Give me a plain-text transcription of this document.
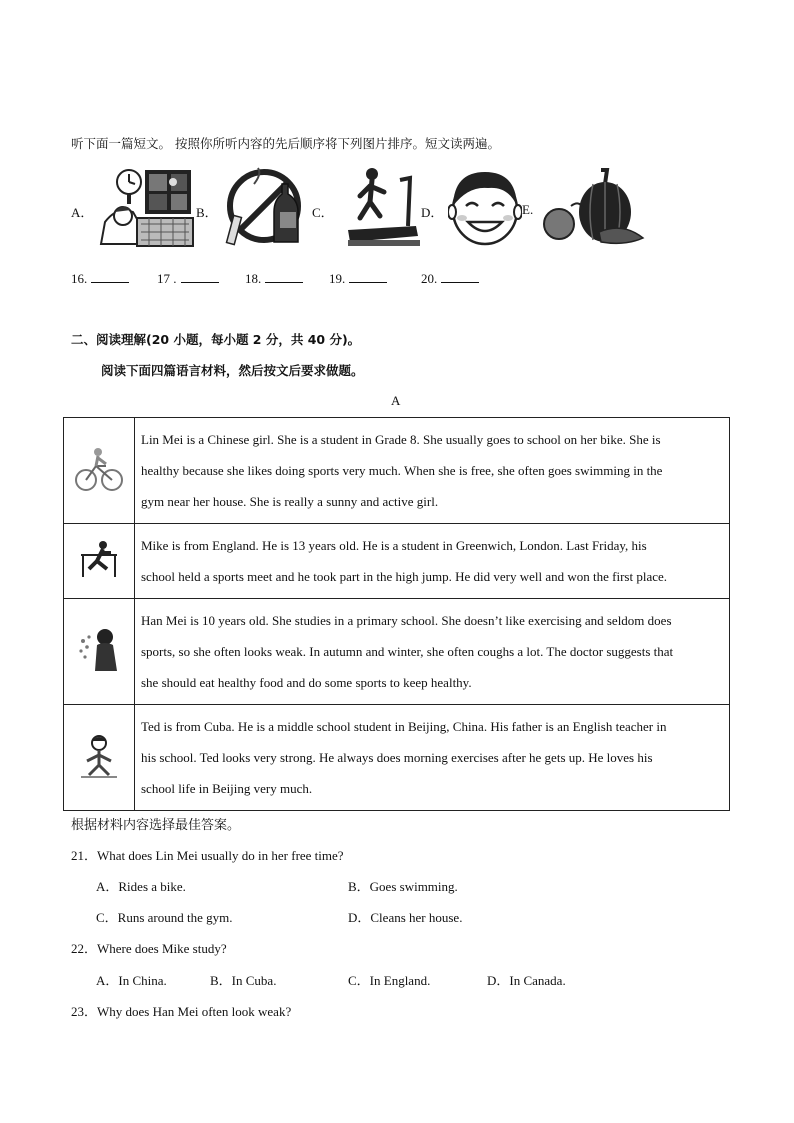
听下面一篇短文。 按照你所听内容的先后顺序将下列图片排序。短文读两遍。
A．	B．	C．	D．	E.
16.	17 .	18.	19.	20.
二、阅读理解(20 小题，每小题 2 分，共 40 分)。
阅读下面四篇语言材料，然后按文后要求做题。
A

Lin Mei is a Chinese girl. She is a student in Grade 8. She usually goes to school on her bike. She is
healthy because she likes doing sports very much. When she is free, she often goes swimming in the
gym near her house. She is really a sunny and active girl.

Mike is from England. He is 13 years old. He is a student in Greenwich, London. Last Friday, his
school held a sports meet and he took part in the high jump. He did very well and won the first place.

Han Mei is 10 years old. She studies in a primary school. She doesn’t like exercising and seldom does
sports, so she often looks weak. In autumn and winter, she often coughs a lot. The doctor suggests that
she should eat healthy food and do some sports to keep healthy.

Ted is from Cuba. He is a middle school student in Beijing, China. His father is an English teacher in
his school. Ted looks very strong. He always does morning exercises after he gets up. He loves his
school life in Beijing very much.
根据材料内容选择最佳答案。
21．What does Lin Mei usually do in her free time?
A．Rides a bike.	B．Goes swimming.
C．Runs around the gym.	D．Cleans her house.
22．Where does Mike study?
A．In China.	B．In Cuba.	C．In England.	D．In Canada.
23．Why does Han Mei often look weak?
